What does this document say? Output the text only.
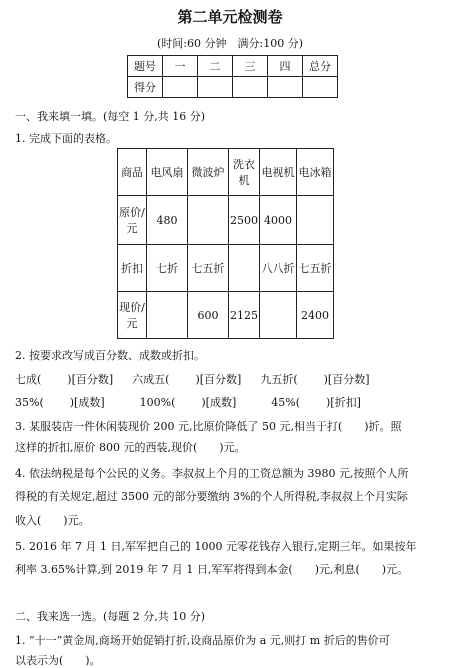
第二单元检测卷
(时间:60 分钟　满分:100 分)
题号	一	二	三	四	总分
得分					
一、我来填一填。(每空 1 分,共 16 分)
1. 完成下面的表格。
商品	电风扇	微波炉	洗衣机	电视机	电冰箱
原价/元	480		2500	4000	
折扣	七折	七五折		八八折	七五折
现价/元		600	2125		2400
2. 按要求改写成百分数、成数或折扣。
七成( )[百分数] 六成五( )[百分数] 九五折( )[百分数]
35%( )[成数]	100%( )[成数]	45%( )[折扣]
3. 某服装店一件休闲装现价 200 元,比原价降低了 50 元,相当于打(　　)折。照
这样的折扣,原价 800 元的西装,现价(　　)元。
4. 依法纳税是每个公民的义务。李叔叔上个月的工资总额为 3980 元,按照个人所
得税的有关规定,超过 3500 元的部分要缴纳 3%的个人所得税,李叔叔上个月实际
收入(　　)元。
5. 2016 年 7 月 1 日,军军把自己的 1000 元零花钱存入银行,定期三年。如果按年
利率 3.65%计算,到 2019 年 7 月 1 日,军军将得到本金(　　)元,利息(　　)元。
二、我来选一选。(每题 2 分,共 10 分)
1. “十一”黄金周,商场开始促销打折,设商品原价为 a 元,则打 m 折后的售价可
以表示为(　　)。
